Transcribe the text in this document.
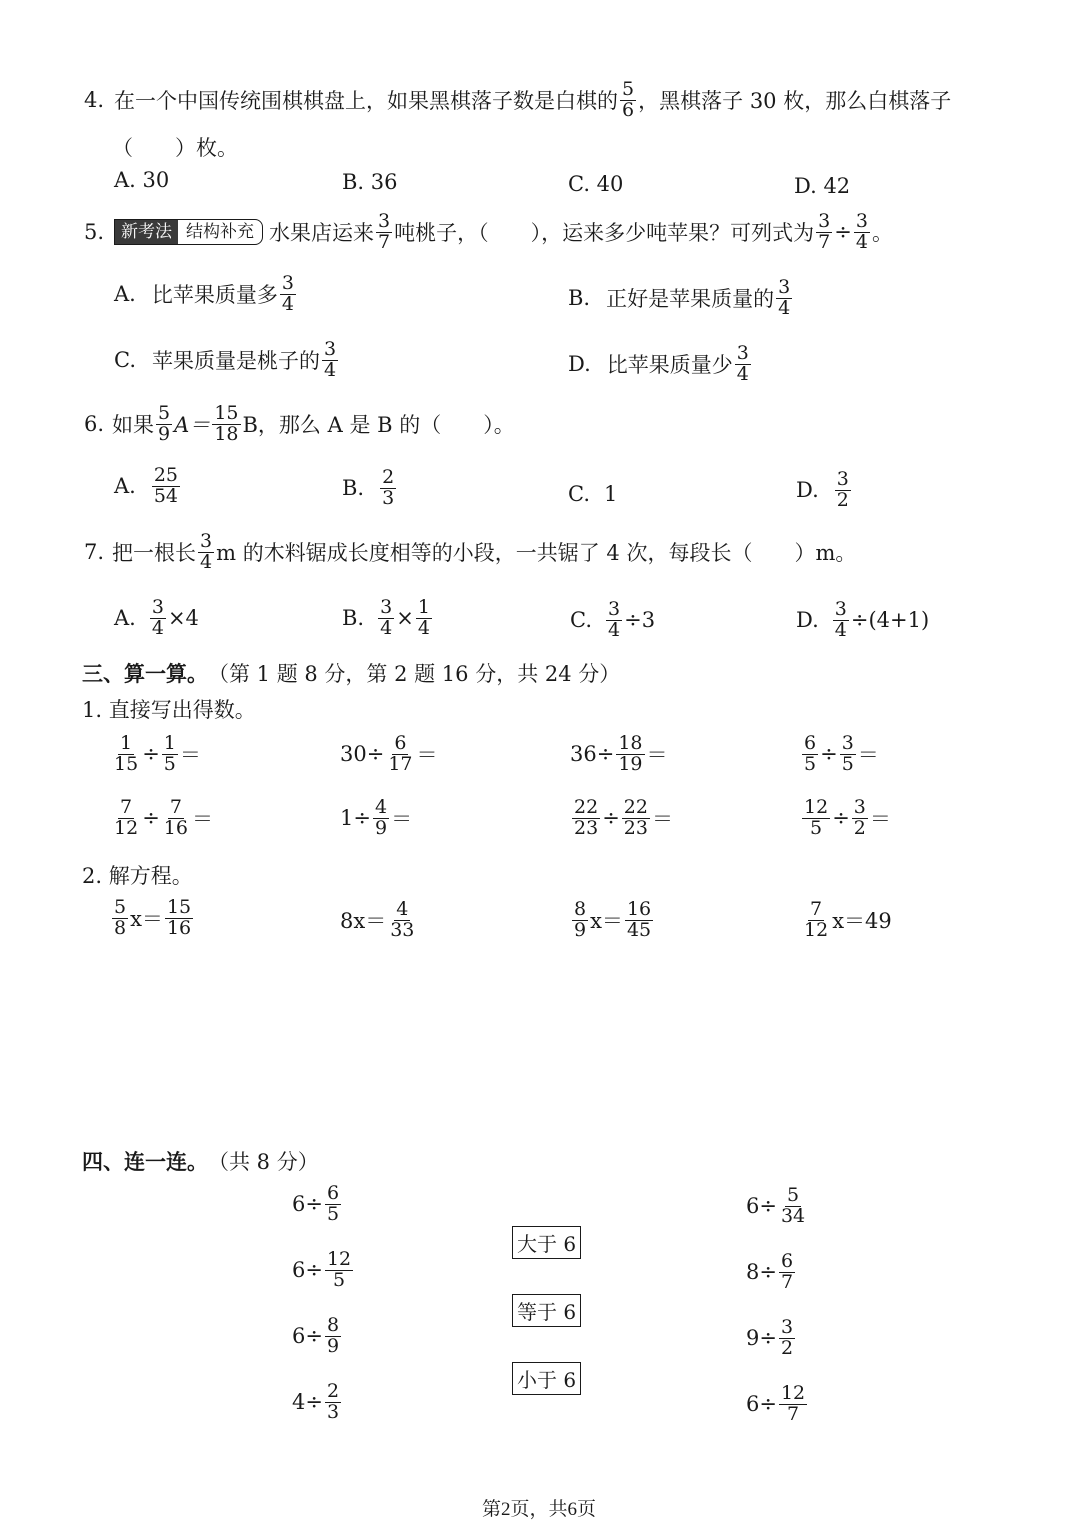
4. 在一个中国传统围棋棋盘上，如果黑棋落子数是白棋的 $\frac{5}{6}$ ，黑棋落子 30 枚，那么白棋落子
（　　）枚。
A. 30	B. 36	C. 40	D. 42
5.	新考法 结构补充 水果店运来 $\frac{3}{7}$ 吨桃子，（　　），运来多少吨苹果？可列式为 $\frac{3}{7} \div \frac{3}{4}$ 。
A. 比苹果质量多 $\frac{3}{4}$	B. 正好是苹果质量的 $\frac{3}{4}$
C. 苹果质量是桃子的 $\frac{3}{4}$	D. 比苹果质量少 $\frac{3}{4}$
6. 如果 $\frac{5}{9} A= \frac{15}{18}$ B，那么 A 是 B 的（　　）。
A. $\frac{25}{54}$	B. $\frac{2}{3}$	C. 1	D. $\frac{3}{2}$
7. 把一根长 $\frac{3}{4}$ m 的木料锯成长度相等的小段，一共锯了 4 次，每段长（　　）m。
A. $\frac{3}{4} \times 4$	B. $\frac{3}{4} \times \frac{1}{4}$	C. $\frac{3}{4} \div 3$	D. $\frac{3}{4} \div(4+1)$
三、算一算。 （第 1 题 8 分，第 2 题 16 分，共 24 分）
1. 直接写出得数。
$\frac{1}{15} \div \frac{1}{5}$ ＝	$30\div \frac{6}{17}$ ＝	$36\div \frac{18}{19}$ ＝	$\frac{6}{5} \div \frac{3}{5}$ ＝
$\frac{7}{12} \div \frac{7}{16}$ ＝	$1\div \frac{4}{9}$ ＝	$\frac{22}{23} \div \frac{22}{23}$ ＝	$\frac{12}{5} \div \frac{3}{2}$ ＝
2. 解方程。
$\frac{5}{8} x= \frac{15}{16}$	$8x= \frac{4}{33}$	$\frac{8}{9} x= \frac{16}{45}$	$\frac{7}{12} x=49$
四、连一连。 （共 8 分）
$6\div \frac{6}{5}$
$6\div \frac{12}{5}$
$6\div \frac{8}{9}$
$4\div \frac{2}{3}$
大于 6
等于 6
小于 6
$6\div \frac{5}{34}$
$8\div \frac{6}{7}$
$9\div \frac{3}{2}$
$6\div \frac{12}{7}$
第2页，共6页
